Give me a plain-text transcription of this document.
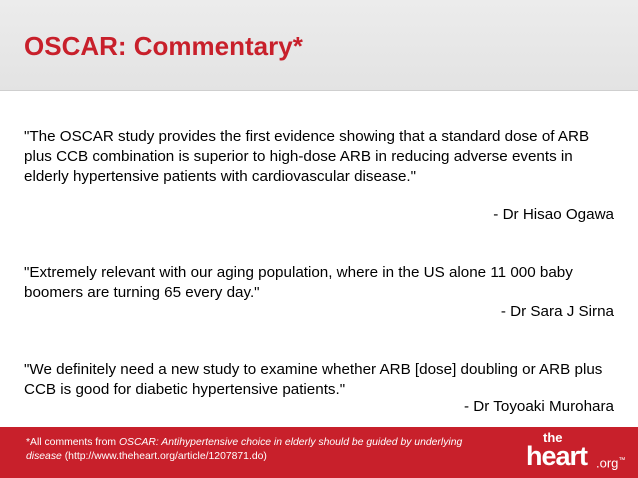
OSCAR: Commentary*

"The OSCAR study provides the first evidence showing that a standard dose of ARB plus CCB combination is superior to high-dose ARB in reducing adverse events in elderly hypertensive patients with cardiovascular disease."

- Dr Hisao Ogawa

"Extremely relevant with our aging population, where in the US alone 11 000 baby boomers are turning 65 every day."

- Dr Sara J Sirna

"We definitely need a new study to examine whether ARB [dose] doubling or ARB plus CCB is good for diabetic hypertensive patients."

- Dr Toyoaki Murohara

*All comments from OSCAR: Antihypertensive choice in elderly should be guided by underlying disease (http://www.theheart.org/article/1207871.do)

the
heart .org™
